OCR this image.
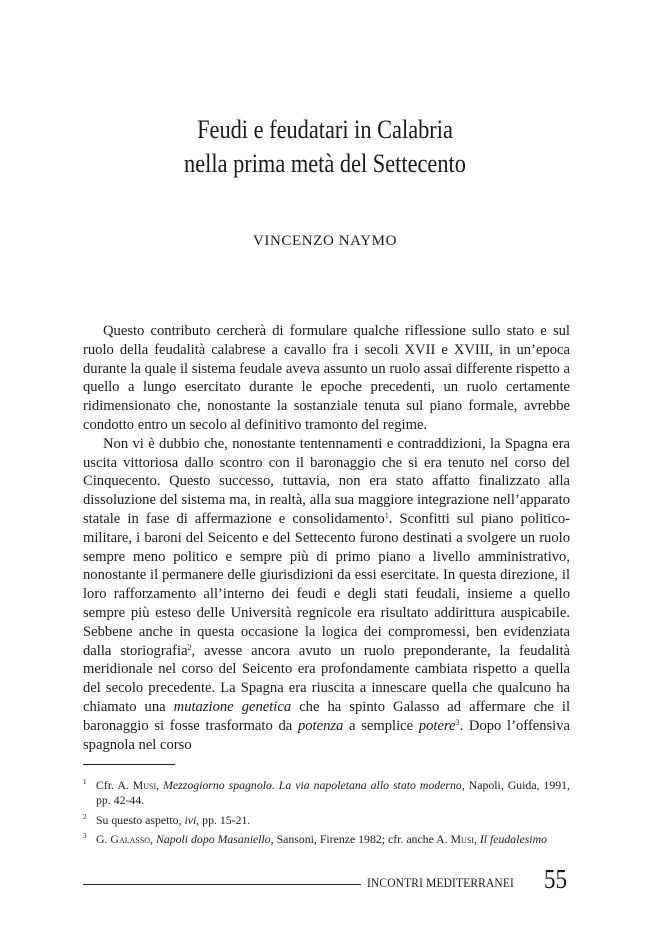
Feudi e feudatari in Calabria
nella prima metà del Settecento
VINCENZO NAYMO

Questo contributo cercherà di formulare qualche riflessione sullo stato e sul ruolo della feudalità calabrese a cavallo fra i secoli XVII e XVIII, in un’epoca durante la quale il sistema feudale aveva assunto un ruolo assai differente rispetto a quello a lungo esercitato durante le epoche precedenti, un ruolo certamente ridimensionato che, nonostante la sostanziale tenuta sul piano formale, avrebbe condotto entro un secolo al definitivo tramonto del regime.

Non vi è dubbio che, nonostante tentennamenti e contraddizioni, la Spagna era uscita vittoriosa dallo scontro con il baronaggio che si era tenuto nel corso del Cinquecento. Questo successo, tuttavia, non era stato affatto finalizzato alla dissoluzione del sistema ma, in realtà, alla sua maggiore integrazione nell’apparato statale in fase di affermazione e consolidamento$^1$. Sconfitti sul piano politico-militare, i baroni del Seicento e del Settecento furono destinati a svolgere un ruolo sempre meno politico e sempre più di primo piano a livello amministrativo, nonostante il permanere delle giurisdizioni da essi esercitate. In questa direzione, il loro rafforzamento all’interno dei feudi e degli stati feudali, insieme a quello sempre più esteso delle Università regnicole era risultato addirittura auspicabile. Sebbene anche in questa occasione la logica dei compromessi, ben evidenziata dalla storiografia$^2$, avesse ancora avuto un ruolo preponderante, la feudalità meridionale nel corso del Seicento era profondamente cambiata rispetto a quella del secolo precedente. La Spagna era riuscita a innescare quella che qualcuno ha chiamato una mutazione genetica che ha spinto Galasso ad affermare che il baronaggio si fosse trasformato da potenza a semplice potere$^3$. Dopo l’offensiva spagnola nel corso

1 Cfr. A. Musi, Mezzogiorno spagnolo. La via napoletana allo stato moderno, Napoli, Guida, 1991, pp. 42-44.
2 Su questo aspetto, ivi, pp. 15-21.
3 G. Galasso, Napoli dopo Masaniello, Sansoni, Firenze 1982; cfr. anche A. Musi, Il feudalesimo
INCONTRI MEDITERRANEI 55
